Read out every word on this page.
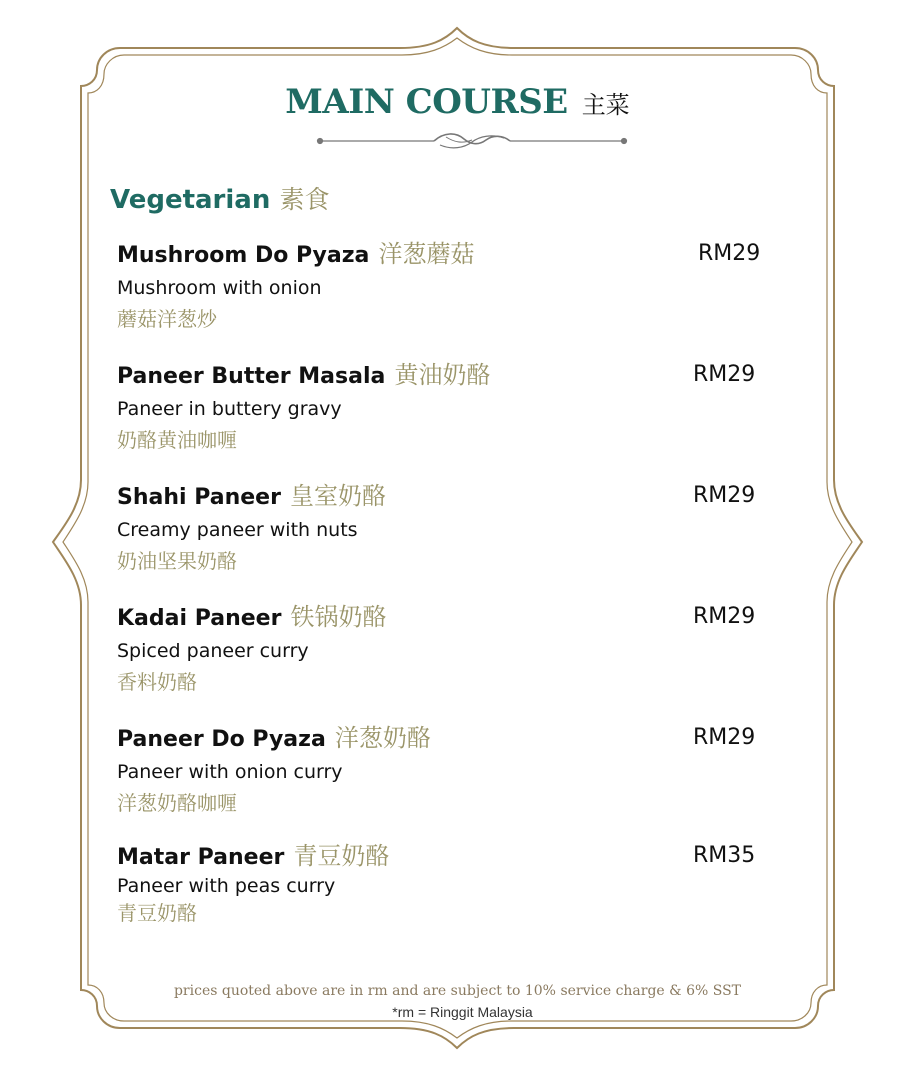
MAIN COURSE 主菜
Vegetarian 素食
Mushroom Do Pyaza 洋葱蘑菇	RM29
Mushroom with onion
蘑菇洋葱炒
Paneer Butter Masala 黄油奶酪	RM29
Paneer in buttery gravy
奶酪黄油咖喱
Shahi Paneer 皇室奶酪	RM29
Creamy paneer with nuts
奶油坚果奶酪
Kadai Paneer 铁锅奶酪	RM29
Spiced paneer curry
香料奶酪
Paneer Do Pyaza 洋葱奶酪	RM29
Paneer with onion curry
洋葱奶酪咖喱
Matar Paneer 青豆奶酪	RM35
Paneer with peas curry
青豆奶酪
prices quoted above are in rm and are subject to 10% service charge & 6% SST
*rm = Ringgit Malaysia
